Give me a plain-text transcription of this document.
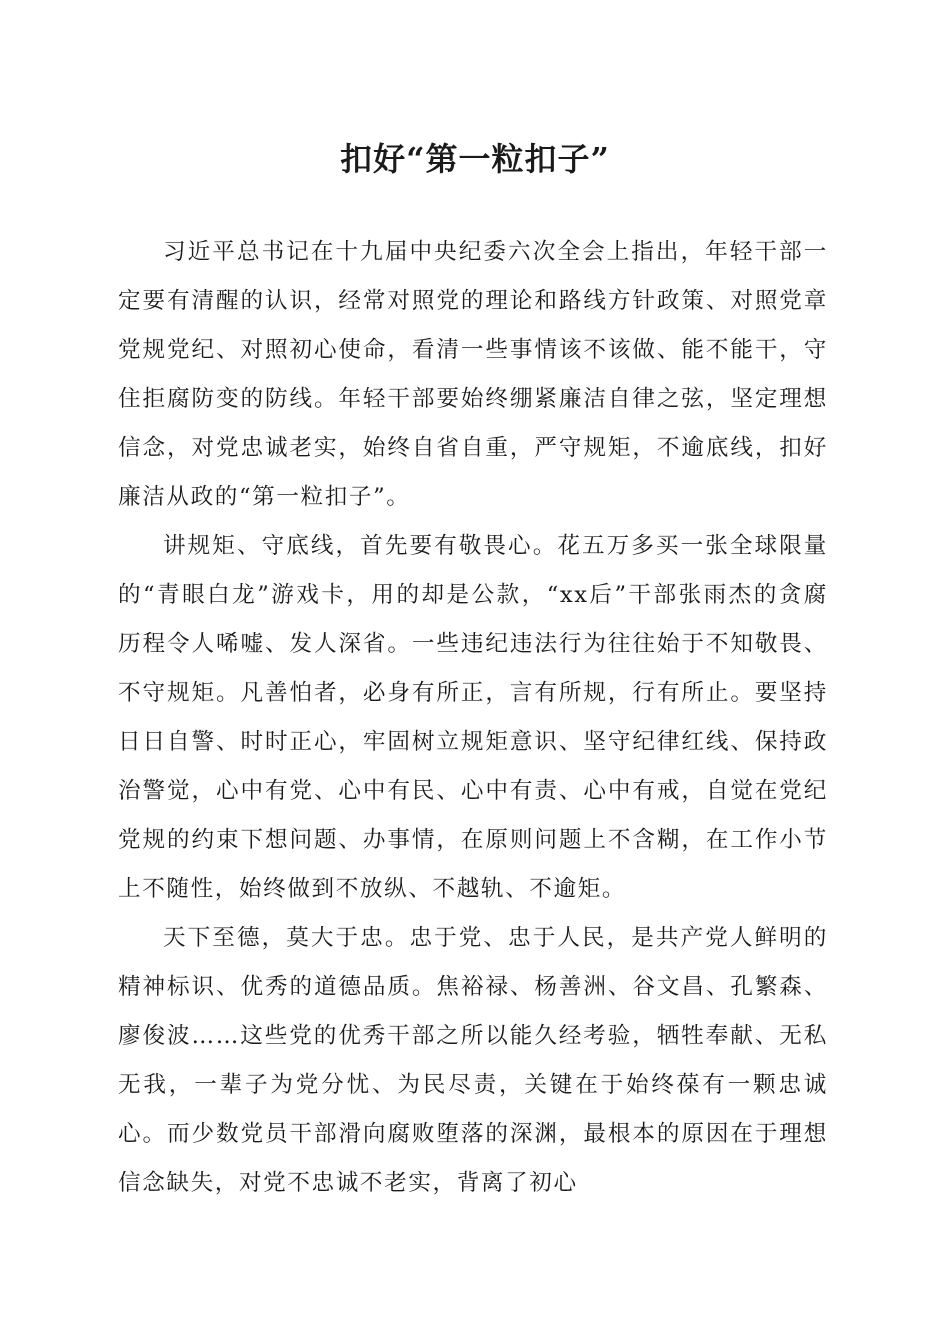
扣好“第一粒扣子”

习近平总书记在十九届中央纪委六次全会上指出，年轻干部一定要有清醒的认识，经常对照党的理论和路线方针政策、对照党章党规党纪、对照初心使命，看清一些事情该不该做、能不能干，守住拒腐防变的防线。年轻干部要始终绷紧廉洁自律之弦，坚定理想信念，对党忠诚老实，始终自省自重，严守规矩，不逾底线，扣好廉洁从政的“第一粒扣子”。

讲规矩、守底线，首先要有敬畏心。花五万多买一张全球限量的“青眼白龙”游戏卡，用的却是公款，“xx后”干部张雨杰的贪腐历程令人唏嘘、发人深省。一些违纪违法行为往往始于不知敬畏、不守规矩。凡善怕者，必身有所正，言有所规，行有所止。要坚持日日自警、时时正心，牢固树立规矩意识、坚守纪律红线、保持政治警觉，心中有党、心中有民、心中有责、心中有戒，自觉在党纪党规的约束下想问题、办事情，在原则问题上不含糊，在工作小节上不随性，始终做到不放纵、不越轨、不逾矩。

天下至德，莫大于忠。忠于党、忠于人民，是共产党人鲜明的精神标识、优秀的道德品质。焦裕禄、杨善洲、谷文昌、孔繁森、廖俊波……这些党的优秀干部之所以能久经考验，牺牲奉献、无私无我，一辈子为党分忧、为民尽责，关键在于始终葆有一颗忠诚心。而少数党员干部滑向腐败堕落的深渊，最根本的原因在于理想信念缺失，对党不忠诚不老实，背离了初心
